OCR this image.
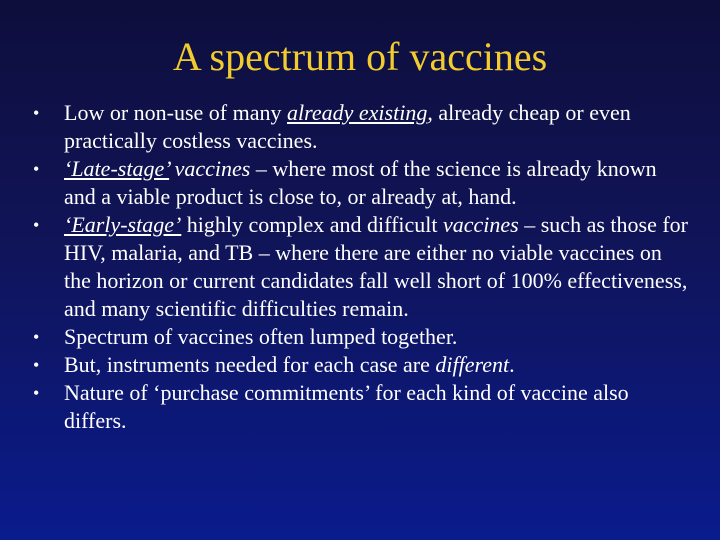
A spectrum of vaccines
• Low or non-use of many already existing, already cheap or even practically costless vaccines.
• ‘Late-stage’ vaccines – where most of the science is already known and a viable product is close to, or already at, hand.
• ‘Early-stage’ highly complex and difficult vaccines – such as those for HIV, malaria, and TB – where there are either no viable vaccines on the horizon or current candidates fall well short of 100% effectiveness, and many scientific difficulties remain.
• Spectrum of vaccines often lumped together.
• But, instruments needed for each case are different.
• Nature of ‘purchase commitments’ for each kind of vaccine also differs.
